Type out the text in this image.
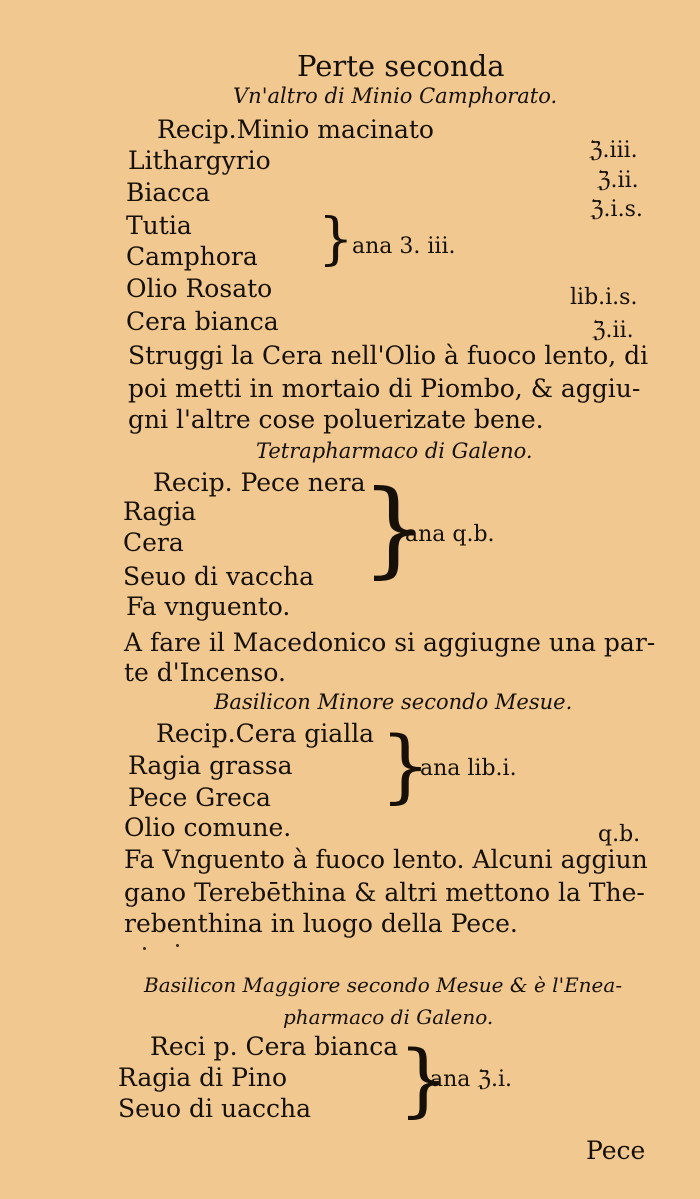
Perte seconda
Vn'altro di Minio Camphorato.
Recip.Minio macinato
Lithargyrio
Biacca
Tutia
Camphora
Olio Rosato
Cera bianca
ℨ.iii.
ℨ.ii.
ℨ.i.s.
lib.i.s.
ℨ.ii.
}
ana 3. iii.
Struggi la Cera nell'Olio à fuoco lento, di
poi metti in mortaio di Piombo, & aggiu-
gni l'altre cose poluerizate bene.
Tetrapharmaco di Galeno.
Recip. Pece nera
Ragia
Cera
Seuo di vaccha
Fa vnguento.
}
ana q.b.
A fare il Macedonico si aggiugne una par-
te d'Incenso.
Basilicon Minore secondo Mesue.
Recip.Cera gialla
Ragia grassa
Pece Greca
Olio comune.
}
ana lib.i.
q.b.
Fa Vnguento à fuoco lento. Alcuni aggiun
gano Terebēthina & altri mettono la The-
rebenthina in luogo della Pece.
Basilicon Maggiore secondo Mesue & è l'Enea-
pharmaco di Galeno.
Reci p. Cera bianca
Ragia di Pino
Seuo di uaccha }
ana ℨ.i.
Pece
